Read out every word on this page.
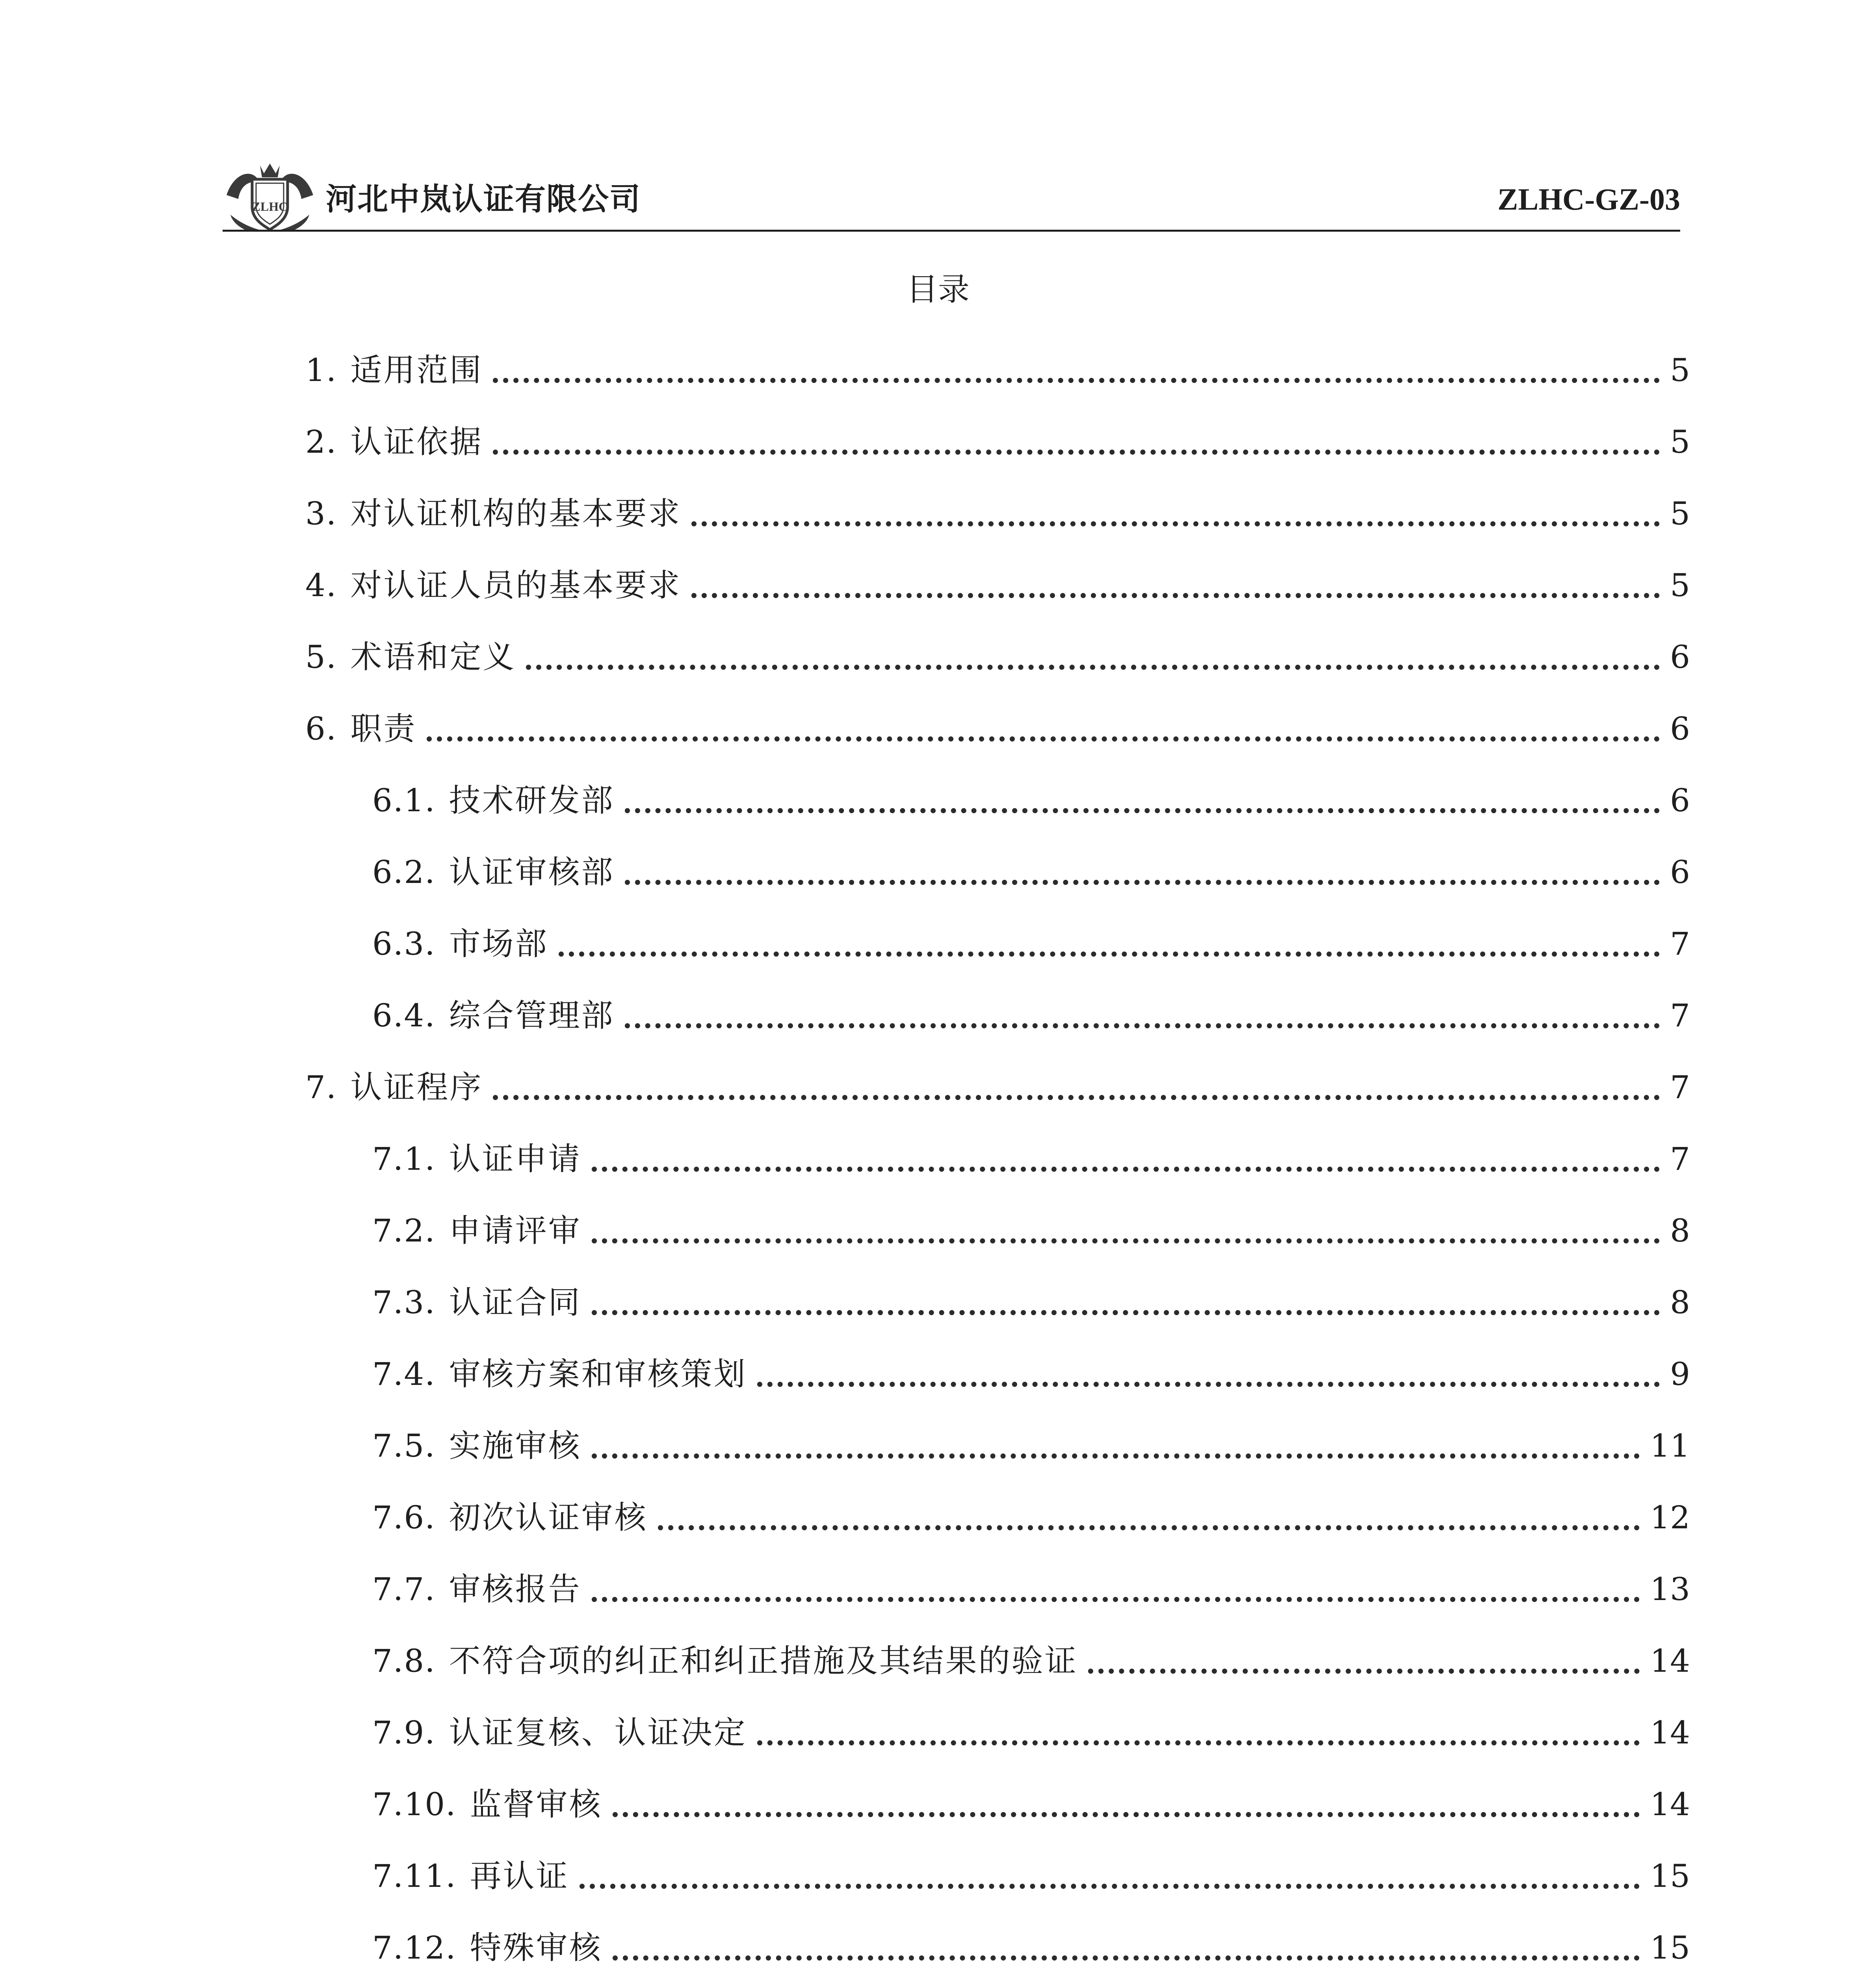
ZLHC 河北中岚认证有限公司	ZLHC-GZ-03
目录
1. 适用范围	5
2. 认证依据	5
3. 对认证机构的基本要求	5
4. 对认证人员的基本要求	5
5. 术语和定义	6
6. 职责	6
6.1. 技术研发部	6
6.2. 认证审核部	6
6.3. 市场部	7
6.4. 综合管理部	7
7. 认证程序	7
7.1. 认证申请	7
7.2. 申请评审	8
7.3. 认证合同	8
7.4. 审核方案和审核策划	9
7.5. 实施审核	11
7.6. 初次认证审核	12
7.7. 审核报告	13
7.8. 不符合项的纠正和纠正措施及其结果的验证	14
7.9. 认证复核、认证决定	14
7.10. 监督审核	14
7.11. 再认证	15
7.12. 特殊审核	15
